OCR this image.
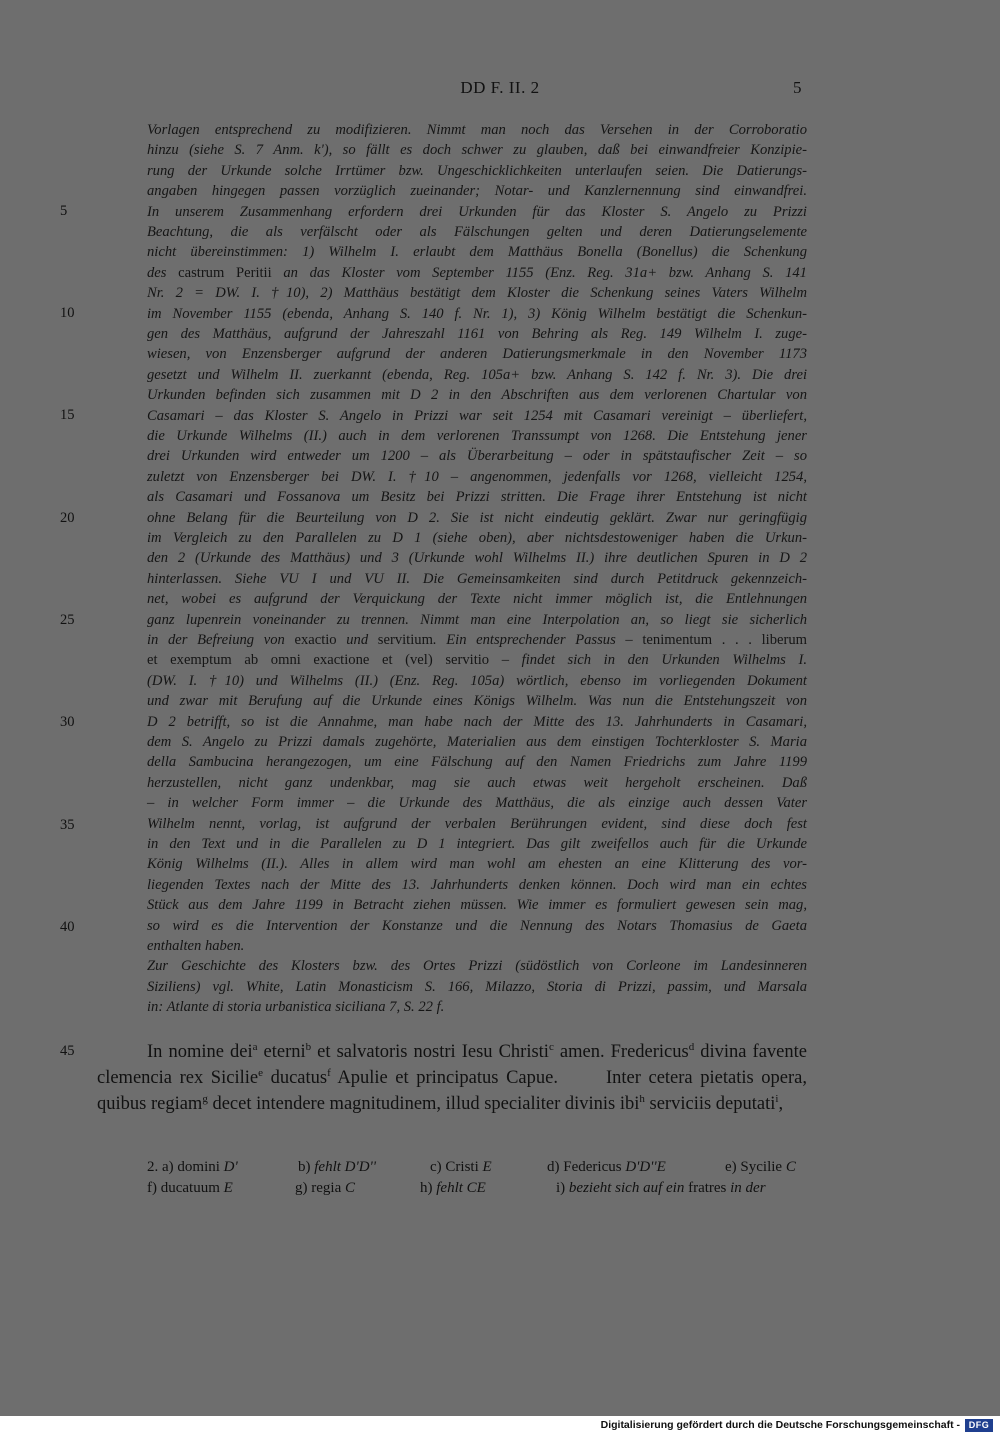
DD F. II. 2	5
5
10
15
20
25
30
35
40
45
Vorlagen entsprechend zu modifizieren. Nimmt man noch das Versehen in der Corroboratio
hinzu (siehe S. 7 Anm. k'), so fällt es doch schwer zu glauben, daß bei einwandfreier Konzipie-
rung der Urkunde solche Irrtümer bzw. Ungeschicklichkeiten unterlaufen seien. Die Datierungs-
angaben hingegen passen vorzüglich zueinander; Notar- und Kanzlernennung sind einwandfrei.
In unserem Zusammenhang erfordern drei Urkunden für das Kloster S. Angelo zu Prizzi
Beachtung, die als verfälscht oder als Fälschungen gelten und deren Datierungselemente
nicht übereinstimmen: 1) Wilhelm I. erlaubt dem Matthäus Bonella (Bonellus) die Schenkung
des castrum Peritii an das Kloster vom September 1155 (Enz. Reg. 31a+ bzw. Anhang S. 141
Nr. 2 = DW. I. †10), 2) Matthäus bestätigt dem Kloster die Schenkung seines Vaters Wilhelm
im November 1155 (ebenda, Anhang S. 140 f. Nr. 1), 3) König Wilhelm bestätigt die Schenkun-
gen des Matthäus, aufgrund der Jahreszahl 1161 von Behring als Reg. 149 Wilhelm I. zuge-
wiesen, von Enzensberger aufgrund der anderen Datierungsmerkmale in den November 1173
gesetzt und Wilhelm II. zuerkannt (ebenda, Reg. 105a+ bzw. Anhang S. 142 f. Nr. 3). Die drei
Urkunden befinden sich zusammen mit D 2 in den Abschriften aus dem verlorenen Chartular von
Casamari – das Kloster S. Angelo in Prizzi war seit 1254 mit Casamari vereinigt – überliefert,
die Urkunde Wilhelms (II.) auch in dem verlorenen Transsumpt von 1268. Die Entstehung jener
drei Urkunden wird entweder um 1200 – als Überarbeitung – oder in spätstaufischer Zeit – so
zuletzt von Enzensberger bei DW. I. †10 – angenommen, jedenfalls vor 1268, vielleicht 1254,
als Casamari und Fossanova um Besitz bei Prizzi stritten. Die Frage ihrer Entstehung ist nicht
ohne Belang für die Beurteilung von D 2. Sie ist nicht eindeutig geklärt. Zwar nur geringfügig
im Vergleich zu den Parallelen zu D 1 (siehe oben), aber nichtsdestoweniger haben die Urkun-
den 2 (Urkunde des Matthäus) und 3 (Urkunde wohl Wilhelms II.) ihre deutlichen Spuren in D 2
hinterlassen. Siehe VU I und VU II. Die Gemeinsamkeiten sind durch Petitdruck gekennzeich-
net, wobei es aufgrund der Verquickung der Texte nicht immer möglich ist, die Entlehnungen
ganz lupenrein voneinander zu trennen. Nimmt man eine Interpolation an, so liegt sie sicherlich
in der Befreiung von exactio und servitium. Ein entsprechender Passus – tenimentum . . . liberum
et exemptum ab omni exactione et (vel) servitio – findet sich in den Urkunden Wilhelms I.
(DW. I. †10) und Wilhelms (II.) (Enz. Reg. 105a) wörtlich, ebenso im vorliegenden Dokument
und zwar mit Berufung auf die Urkunde eines Königs Wilhelm. Was nun die Entstehungszeit von
D 2 betrifft, so ist die Annahme, man habe nach der Mitte des 13. Jahrhunderts in Casamari,
dem S. Angelo zu Prizzi damals zugehörte, Materialien aus dem einstigen Tochterkloster S. Maria
della Sambucina herangezogen, um eine Fälschung auf den Namen Friedrichs zum Jahre 1199
herzustellen, nicht ganz undenkbar, mag sie auch etwas weit hergeholt erscheinen. Daß
– in welcher Form immer – die Urkunde des Matthäus, die als einzige auch dessen Vater
Wilhelm nennt, vorlag, ist aufgrund der verbalen Berührungen evident, sind diese doch fest
in den Text und in die Parallelen zu D 1 integriert. Das gilt zweifellos auch für die Urkunde
König Wilhelms (II.). Alles in allem wird man wohl am ehesten an eine Klitterung des vor-
liegenden Textes nach der Mitte des 13. Jahrhunderts denken können. Doch wird man ein echtes
Stück aus dem Jahre 1199 in Betracht ziehen müssen. Wie immer es formuliert gewesen sein mag,
so wird es die Intervention der Konstanze und die Nennung des Notars Thomasius de Gaeta
enthalten haben.
Zur Geschichte des Klosters bzw. des Ortes Prizzi (südöstlich von Corleone im Landesinneren
Siziliens) vgl. White, Latin Monasticism S. 166, Milazzo, Storia di Prizzi, passim, und Marsala
in: Atlante di storia urbanistica siciliana 7, S. 22 f.
In nomine dei$^a$ eterni$^b$ et salvatoris nostri Iesu Christi$^c$ amen. Fredericus$^d$ divina favente
clemencia rex Sicilie$^e$ ducatus$^f$ Apulie et principatus Capue.	Inter cetera pietatis opera,
quibus regiam$^g$ decet intendere magnitudinem, illud specialiter divinis ibi$^h$ serviciis deputati$^i$,
2. a) domini D'	b) fehlt D'D''	c) Cristi E	d) Federicus D'D''E	e) Sycilie C
f) ducatuum E	g) regia C	h) fehlt CE	i) bezieht sich auf ein fratres in der
Digitalisierung gefördert durch die Deutsche Forschungsgemeinschaft - DFG
